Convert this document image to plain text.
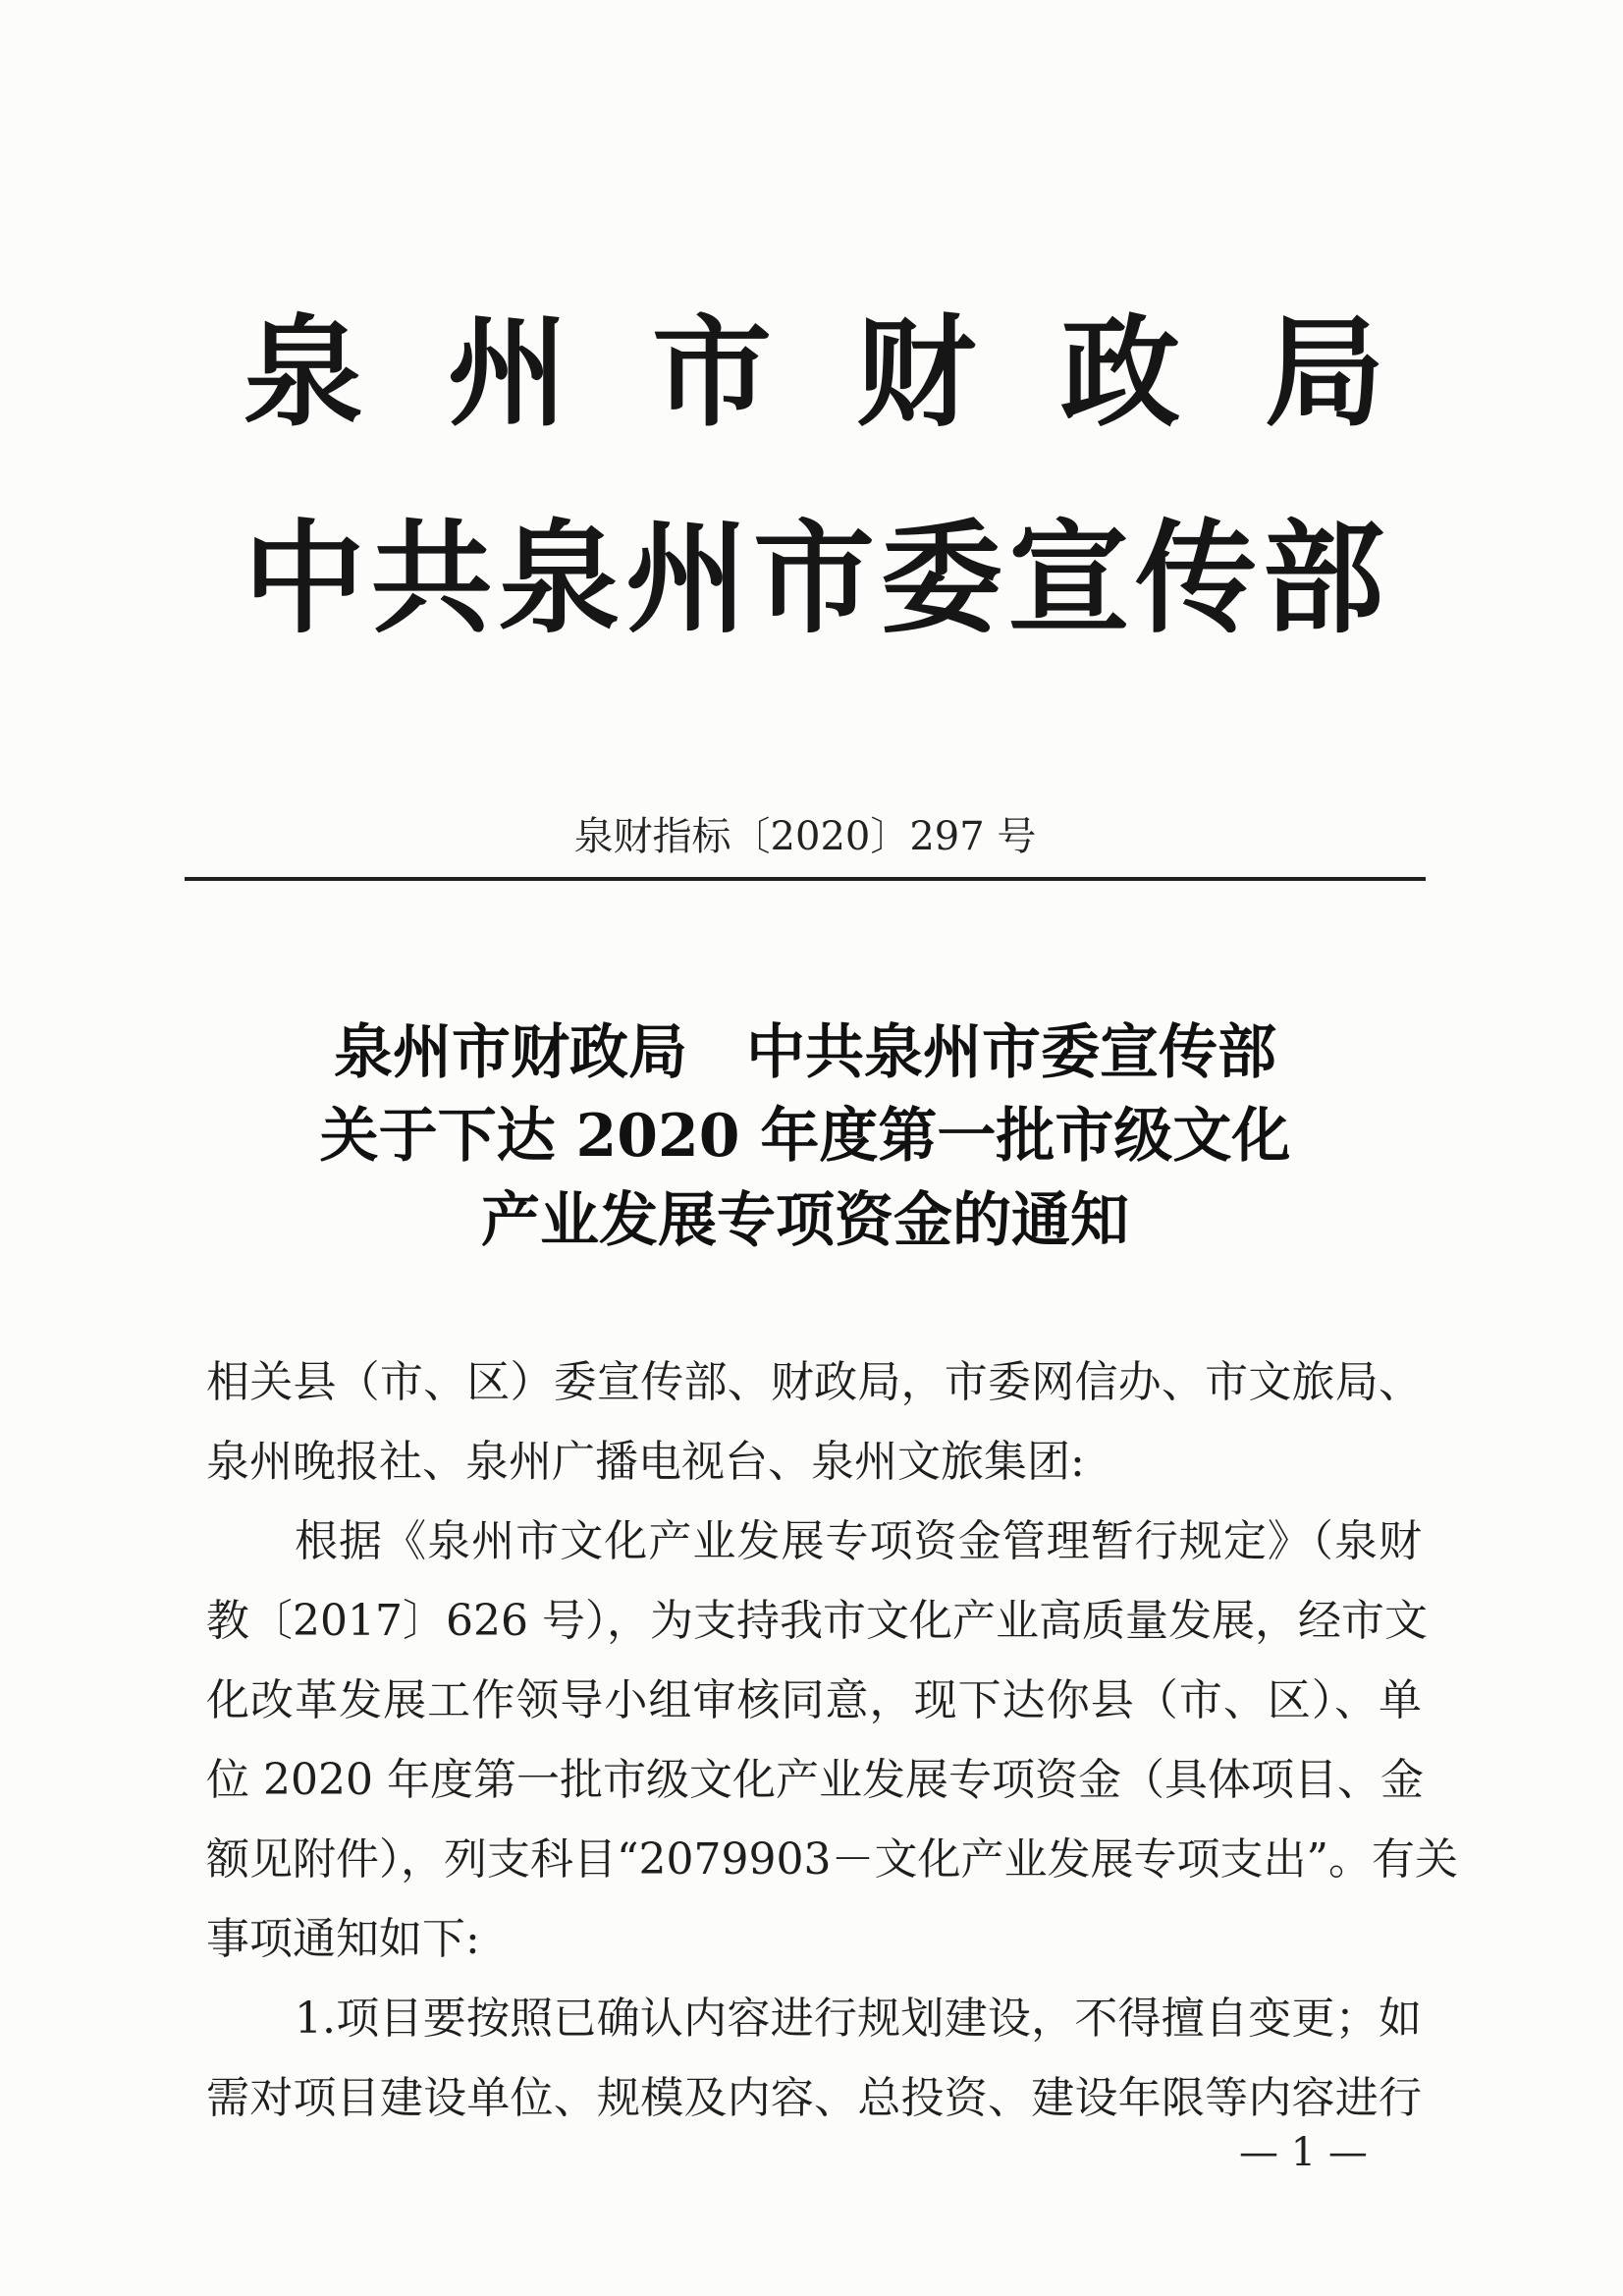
泉州市财政局
中共泉州市委宣传部
泉财指标〔2020〕297 号
泉州市财政局　中共泉州市委宣传部
关于下达 2020 年度第一批市级文化
产业发展专项资金的通知
相关县（市、区）委宣传部、财政局，市委网信办、市文旅局、
泉州晚报社、泉州广播电视台、泉州文旅集团:
根据《泉州市文化产业发展专项资金管理暂行规定》（泉财
教〔2017〕626 号），为支持我市文化产业高质量发展，经市文
化改革发展工作领导小组审核同意，现下达你县（市、区）、单
位 2020 年度第一批市级文化产业发展专项资金（具体项目、金
额见附件），列支科目“2079903－文化产业发展专项支出”。有关
事项通知如下:
1.项目要按照已确认内容进行规划建设，不得擅自变更；如
需对项目建设单位、规模及内容、总投资、建设年限等内容进行
— 1 —
